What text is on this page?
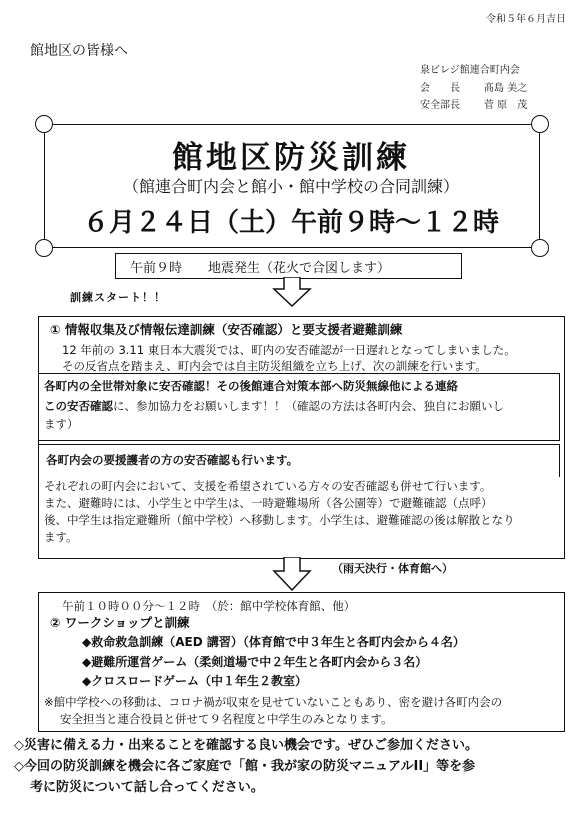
令和５年６月吉日
館地区の皆様へ
泉ビレジ館連合町内会
会　　長 髙島 美之
安全部長 菅 原　茂
館地区防災訓練
（館連合町内会と館小・館中学校の合同訓練）
６月２４日（土）午前９時～１２時
午前９時　　地震発生（花火で合図します）
訓練スタート！！
① 情報収集及び情報伝達訓練（安否確認）と要支援者避難訓練
12 年前の 3.11 東日本大震災では、町内の安否確認が一日遅れとなってしまいました。
その反省点を踏まえ、町内会では自主防災組織を立ち上げ、次の訓練を行います。
各町内の全世帯対象に安否確認！その後館連合対策本部へ防災無線他による連絡
この安否確認に、参加協力をお願いします！！（確認の方法は各町内会、独自にお願いし
ます）
各町内会の要援護者の方の安否確認も行います。
それぞれの町内会において、支援を希望されている方々の安否確認も併せて行います。
また、避難時には、小学生と中学生は、一時避難場所（各公園等）で避難確認（点呼）
後、中学生は指定避難所（館中学校）へ移動します。小学生は、避難確認の後は解散となり
ます。
（雨天決行・体育館へ）
午前１０時００分～１２時　（於：館中学校体育館、他）
② ワークショップと訓練
◆救命救急訓練（AED 講習）（体育館で中３年生と各町内会から４名）
◆避難所運営ゲーム（柔剣道場で中２年生と各町内会から３名）
◆クロスロードゲーム（中１年生２教室）
※館中学校への移動は、コロナ禍が収束を見せていないこともあり、密を避け各町内会の
安全担当と連合役員と併せて９名程度と中学生のみとなります。
◇災害に備える力・出来ることを確認する良い機会です。ぜひご参加ください。
◇今回の防災訓練を機会に各ご家庭で「館・我が家の防災マニュアルII」等を参
考に防災について話し合ってください。
